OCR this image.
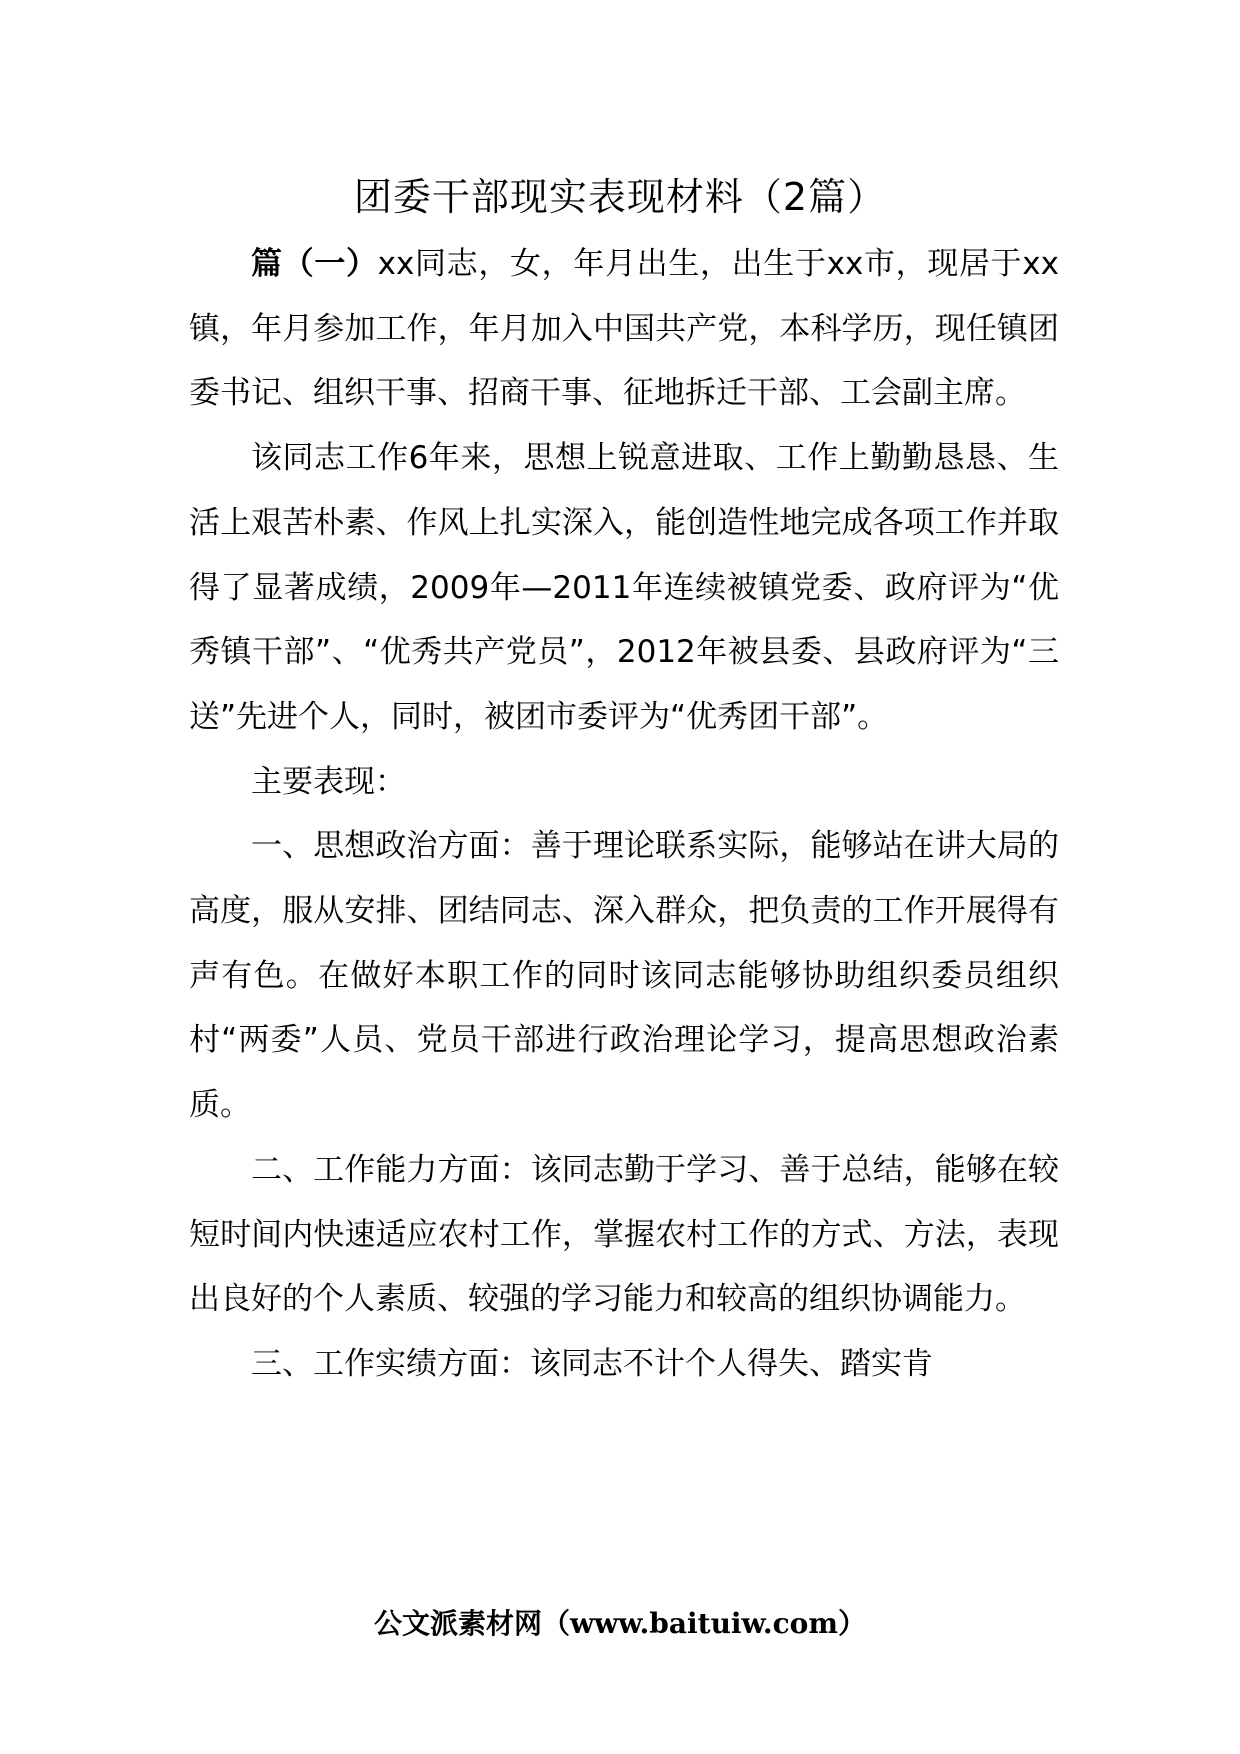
团委干部现实表现材料（2篇）

篇（一）xx同志，女，年月出生，出生于xx市，现居于xx镇，年月参加工作，年月加入中国共产党，本科学历，现任镇团委书记、组织干事、招商干事、征地拆迁干部、工会副主席。

该同志工作6年来，思想上锐意进取、工作上勤勤恳恳、生活上艰苦朴素、作风上扎实深入，能创造性地完成各项工作并取得了显著成绩，2009年—2011年连续被镇党委、政府评为“优秀镇干部”、“优秀共产党员”，2012年被县委、县政府评为“三送”先进个人，同时，被团市委评为“优秀团干部”。

主要表现：

一、思想政治方面：善于理论联系实际，能够站在讲大局的高度，服从安排、团结同志、深入群众，把负责的工作开展得有声有色。在做好本职工作的同时该同志能够协助组织委员组织村“两委”人员、党员干部进行政治理论学习，提高思想政治素质。

二、工作能力方面：该同志勤于学习、善于总结，能够在较短时间内快速适应农村工作，掌握农村工作的方式、方法，表现出良好的个人素质、较强的学习能力和较高的组织协调能力。

三、工作实绩方面：该同志不计个人得失、踏实肯

公文派素材网（www.baituiw.com）
